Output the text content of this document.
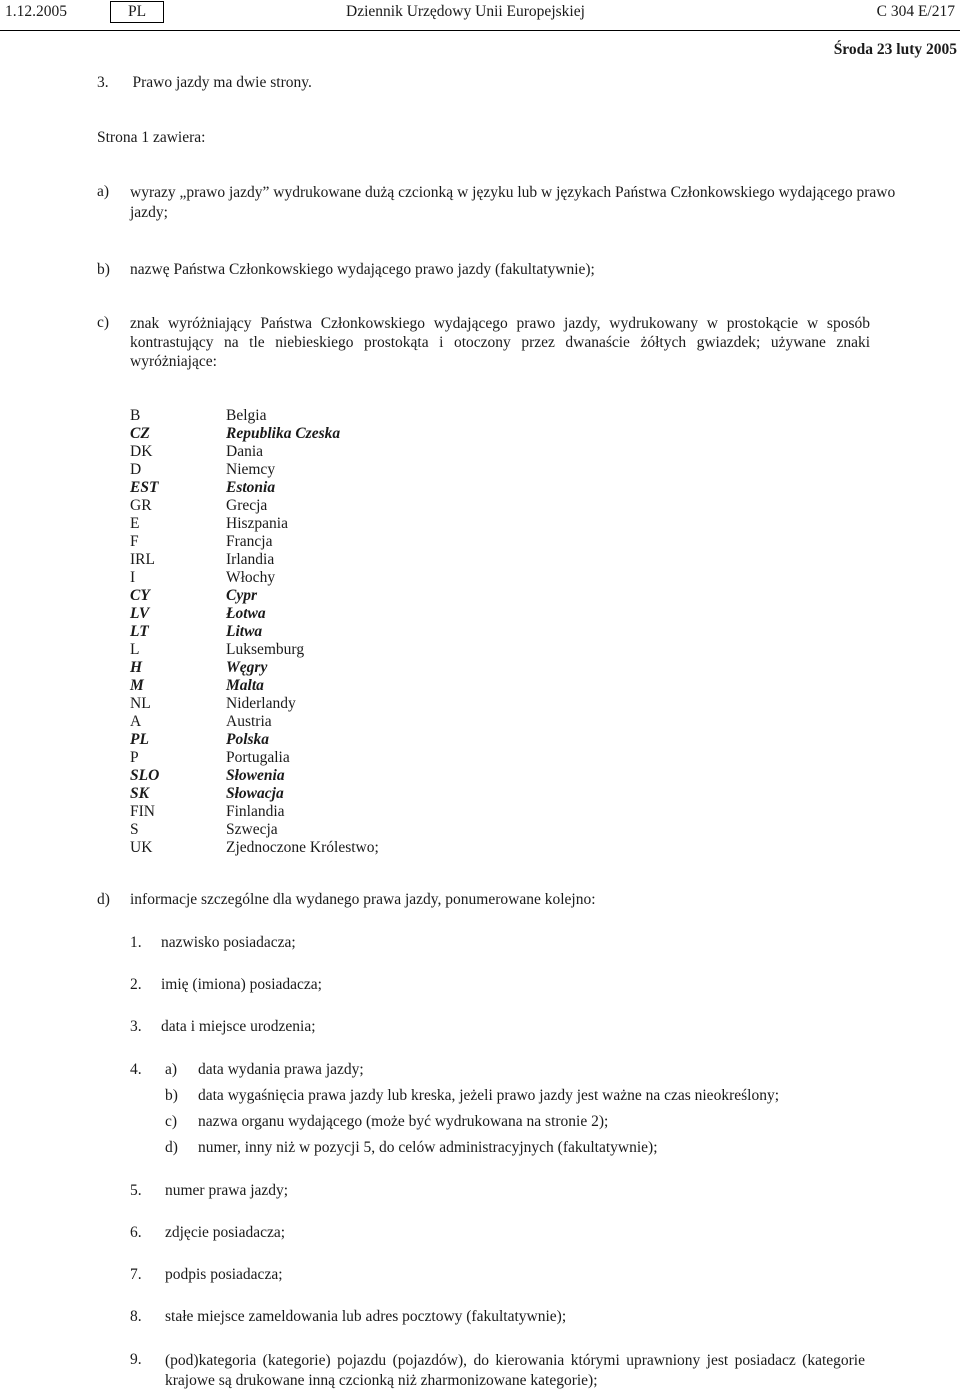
1.12.2005	PL	Dziennik Urzędowy Unii Europejskiej	C 304 E/217
Środa 23 luty 2005
3. Prawo jazdy ma dwie strony.
Strona 1 zawiera:
a) wyrazy „prawo jazdy” wydrukowane dużą czcionką w języku lub w językach Państwa Członkowskiego wydającego prawo jazdy;
b) nazwę Państwa Członkowskiego wydającego prawo jazdy (fakultatywnie);
c) znak wyróżniający Państwa Członkowskiego wydającego prawo jazdy, wydrukowany w prostokącie w sposób kontrastujący na tle niebieskiego prostokąta i otoczony przez dwanaście żółtych gwiazdek; używane znaki wyróżniające:
B	Belgia
CZ	Republika Czeska
DK	Dania
D	Niemcy
EST	Estonia
GR	Grecja
E	Hiszpania
F	Francja
IRL	Irlandia
I	Włochy
CY	Cypr
LV	Łotwa
LT	Litwa
L	Luksemburg
H	Węgry
M	Malta
NL	Niderlandy
A	Austria
PL	Polska
P	Portugalia
SLO	Słowenia
SK	Słowacja
FIN	Finlandia
S	Szwecja
UK	Zjednoczone Królestwo;
d) informacje szczególne dla wydanego prawa jazdy, ponumerowane kolejno:
1. nazwisko posiadacza;
2. imię (imiona) posiadacza;
3. data i miejsce urodzenia;
4. a) data wydania prawa jazdy;
b) data wygaśnięcia prawa jazdy lub kreska, jeżeli prawo jazdy jest ważne na czas nieokreślony;
c) nazwa organu wydającego (może być wydrukowana na stronie 2);
d) numer, inny niż w pozycji 5, do celów administracyjnych (fakultatywnie);
5. numer prawa jazdy;
6. zdjęcie posiadacza;
7. podpis posiadacza;
8. stałe miejsce zameldowania lub adres pocztowy (fakultatywnie);
9. (pod)kategoria (kategorie) pojazdu (pojazdów), do kierowania którymi uprawniony jest posiadacz (kategorie krajowe są drukowane inną czcionką niż zharmonizowane kategorie);
